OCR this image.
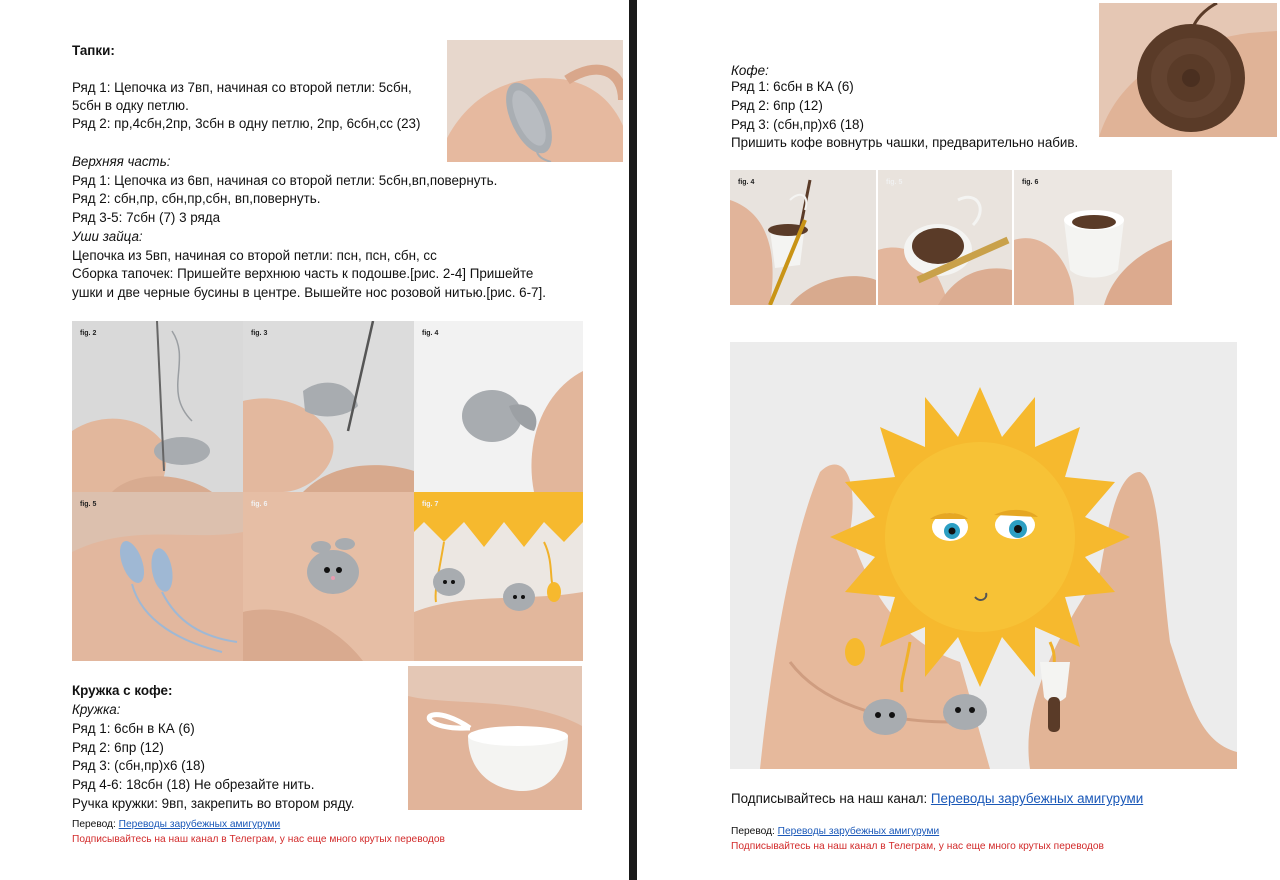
Тапки:
Ряд 1: Цепочка из 7вп, начиная со второй петли: 5сбн,
5сбн в одку петлю.
Ряд 2: пр,4сбн,2пр, 3сбн в одну петлю, 2пр, 6сбн,сс (23)
Верхняя часть:
Ряд 1: Цепочка из 6вп, начиная со второй петли: 5сбн,вп,повернуть.
Ряд 2: сбн,пр, сбн,пр,сбн, вп,повернуть.
Ряд 3-5: 7сбн (7) 3 ряда
Уши зайца:
Цепочка из 5вп, начиная со второй петли: псн, псн, сбн, сс
Сборка тапочек: Пришейте верхнюю часть к подошве.[рис. 2-4] Пришейте
ушки и две черные бусины в центре. Вышейте нос розовой нитью.[рис. 6-7].
fig. 2	fig. 3	fig. 4
fig. 5	fig. 6	fig. 7
Кружка с кофе:
Кружка:
Ряд 1: 6сбн в КА (6)
Ряд 2: 6пр (12)
Ряд 3: (сбн,пр)х6 (18)
Ряд 4-6: 18сбн (18) Не обрезайте нить.
Ручка кружки: 9вп, закрепить во втором ряду.
Перевод: Переводы зарубежных амигуруми
Подписывайтесь на наш канал в Телеграм, у нас еще много крутых переводов
Кофе:
Ряд 1: 6сбн в КА (6)
Ряд 2: 6пр (12)
Ряд 3: (сбн,пр)х6 (18)
Пришить кофе вовнутрь чашки, предварительно набив.
fig. 4	fig. 5	fig. 6
Подписывайтесь на наш канал: Переводы зарубежных амигуруми
Перевод: Переводы зарубежных амигуруми
Подписывайтесь на наш канал в Телеграм, у нас еще много крутых переводов
